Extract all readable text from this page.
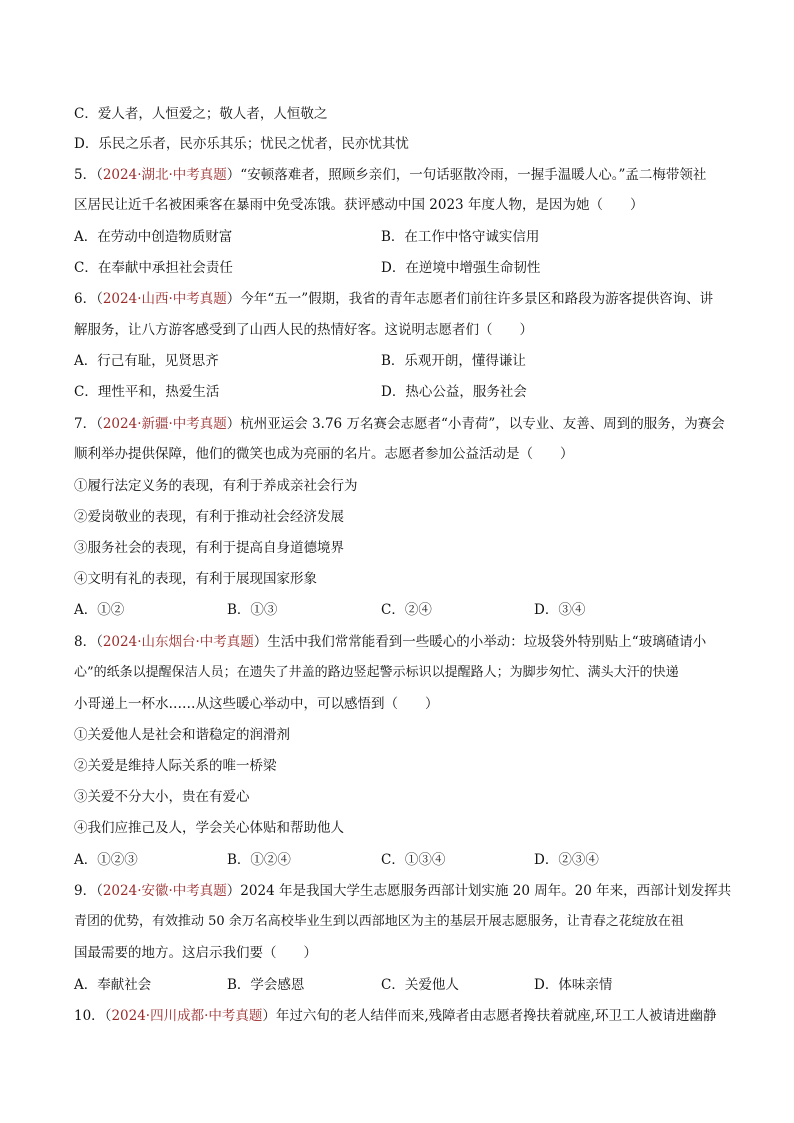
C．爱人者，人恒爱之；敬人者，人恒敬之
D．乐民之乐者，民亦乐其乐；忧民之忧者，民亦忧其忧
5．（2024·湖北·中考真题）“安顿落难者，照顾乡亲们，一句话驱散冷雨，一握手温暖人心。”孟二梅带领社
区居民让近千名被困乘客在暴雨中免受冻饿。获评感动中国 2023 年度人物，是因为她（　　）
A．在劳动中创造物质财富	B．在工作中恪守诚实信用
C．在奉献中承担社会责任	D．在逆境中增强生命韧性
6．（2024·山西·中考真题）今年“五一”假期，我省的青年志愿者们前往许多景区和路段为游客提供咨询、讲
解服务，让八方游客感受到了山西人民的热情好客。这说明志愿者们（　　）
A．行己有耻，见贤思齐	B．乐观开朗，懂得谦让
C．理性平和，热爱生活	D．热心公益，服务社会
7．（2024·新疆·中考真题）杭州亚运会 3.76 万名赛会志愿者“小青荷”，以专业、友善、周到的服务，为赛会
顺利举办提供保障，他们的微笑也成为亮丽的名片。志愿者参加公益活动是（　　）
①履行法定义务的表现，有利于养成亲社会行为
②爱岗敬业的表现，有利于推动社会经济发展
③服务社会的表现，有利于提高自身道德境界
④文明有礼的表现，有利于展现国家形象
A．①②	B．①③	C．②④	D．③④
8．（2024·山东烟台·中考真题）生活中我们常常能看到一些暖心的小举动：垃圾袋外特别贴上“玻璃碴请小
心”的纸条以提醒保洁人员；在遗失了井盖的路边竖起警示标识以提醒路人；为脚步匆忙、满头大汗的快递
小哥递上一杯水……从这些暖心举动中，可以感悟到（　　）
①关爱他人是社会和谐稳定的润滑剂
②关爱是维持人际关系的唯一桥梁
③关爱不分大小，贵在有爱心
④我们应推己及人，学会关心体贴和帮助他人
A．①②③	B．①②④	C．①③④	D．②③④
9．（2024·安徽·中考真题）2024 年是我国大学生志愿服务西部计划实施 20 周年。20 年来，西部计划发挥共
青团的优势，有效推动 50 余万名高校毕业生到以西部地区为主的基层开展志愿服务，让青春之花绽放在祖
国最需要的地方。这启示我们要（　　）
A．奉献社会	B．学会感恩	C．关爱他人	D．体味亲情
10．（2024·四川成都·中考真题）年过六旬的老人结伴而来,残障者由志愿者搀扶着就座,环卫工人被请进幽静
